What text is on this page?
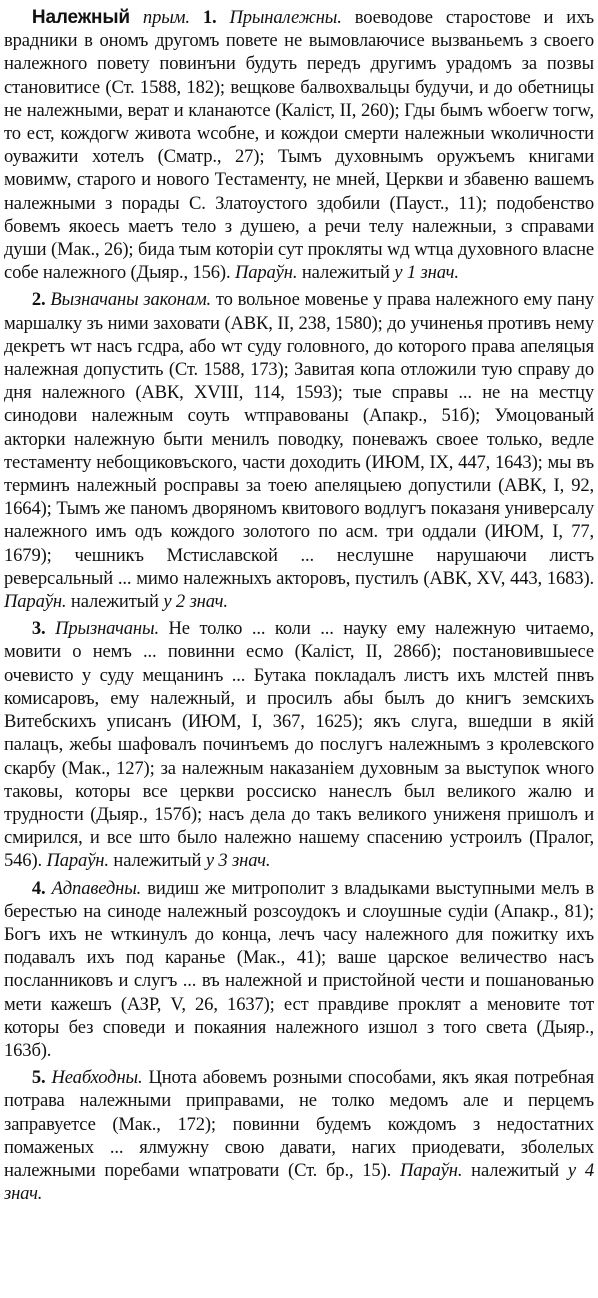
Належный прым. 1. Прыналежны. воеводове старостове и ихъ врадники в ономъ другомъ повете не вымовлаючисе вызваньемъ з своего належного повету повинъни будуть передъ другимъ урадомъ за позвы становитисе (Ст. 1588, 182); вещкове балвохвальцы будучи, и до обетницы не належными, верат и кланаютсе (Каліст, II, 260); Гды бымъ wбоегw тогw, то ест, кождогw живота wсобне, и кождои смерти належныи wколичности оуважити хотелъ (Сматр., 27); Тымъ духовнымъ оружъемъ книгами мовимw, старого и нового Тестаменту, не мней, Церкви и збавеню вашемъ належными з порады С. Златоустого здобили (Пауст., 11); подобенство бовемъ якоесь маетъ тело з душею, а речи телу належныи, з справами души (Мак., 26); бида тым которіи сут прокляты wд wтца духовного власне собе належного (Дыяр., 156). Параўн. належитый у 1 знач.

2. Вызначаны законам. то вольное мовенье у права належного ему пану маршалку зъ ними заховати (АВК, II, 238, 1580); до учиненья противъ нему декретъ wт насъ гсдра, або wт суду головного, до которого права апеляцыя належная допустить (Ст. 1588, 173); Завитая копа отложили тую справу до дня належного (АВК, XVIII, 114, 1593); тые справы ... не на местцу синодови належным соуть wтправованы (Апакр., 51б); Умоцованый акторки належную быти менилъ поводку, поневажъ своее только, ведле тестаменту небощиковъского, части доходить (ИЮМ, IX, 447, 1643); мы въ терминъ належный росправы за тоею апеляцыею допустили (АВК, I, 92, 1664); Тымъ же паномъ дворяномъ квитового водлугъ показаня универсалу належного имъ одъ кождого золотого по асм. три оддали (ИЮМ, I, 77, 1679); чешникъ Мстиславской ... неслушне нарушаючи листъ реверсальный ... мимо належныхъ акторовъ, пустилъ (АВК, XV, 443, 1683). Параўн. належитый у 2 знач.

3. Прызначаны. Не толко ... коли ... науку ему належную читаемо, мовити о немъ ... повинни есмо (Каліст, II, 286б); постановившыесе очевисто у суду мещанинъ ... Бутака покладалъ листъ ихъ млстей пнвъ комисаровъ, ему належный, и просилъ абы былъ до книгъ земскихъ Витебскихъ уписанъ (ИЮМ, I, 367, 1625); якъ слуга, вшедши в якій палацъ, жебы шафовалъ починъемъ до послугъ належнымъ з кролевского скарбу (Мак., 127); за належным наказаніем духовным за выступок wного таковы, которы все церкви россиско нанеслъ был великого жалю и трудности (Дыяр., 157б); насъ дела до такъ великого униженя пришолъ и смирился, и все што было належно нашему спасению устроилъ (Пралог, 546). Параўн. належитый у 3 знач.

4. Адпаведны. видиш же митрополит з владыками выступными мелъ в берестью на синоде належный розсоудокъ и слоушные судіи (Апакр., 81); Богъ ихъ не wткинулъ до конца, лечъ часу належного для пожитку ихъ подавалъ ихъ под каранье (Мак., 41); ваше царское величество насъ посланниковъ и слугъ ... въ належной и пристойной чести и пошанованью мети кажешъ (АЗР, V, 26, 1637); ест правдиве проклят а меновите тот которы без споведи и покаяния належного изшол з того света (Дыяр., 163б).

5. Неабходны. Цнота абовемъ розными способами, якъ якая потребная потрава належными приправами, не толко медомъ але и перцемъ заправуетсе (Мак., 172); повинни будемъ кождомъ з недостатних помаженых ... ялмужну свою давати, нагих приодевати, зболелых належными поребами wпатровати (Ст. бр., 15). Параўн. належитый у 4 знач.
